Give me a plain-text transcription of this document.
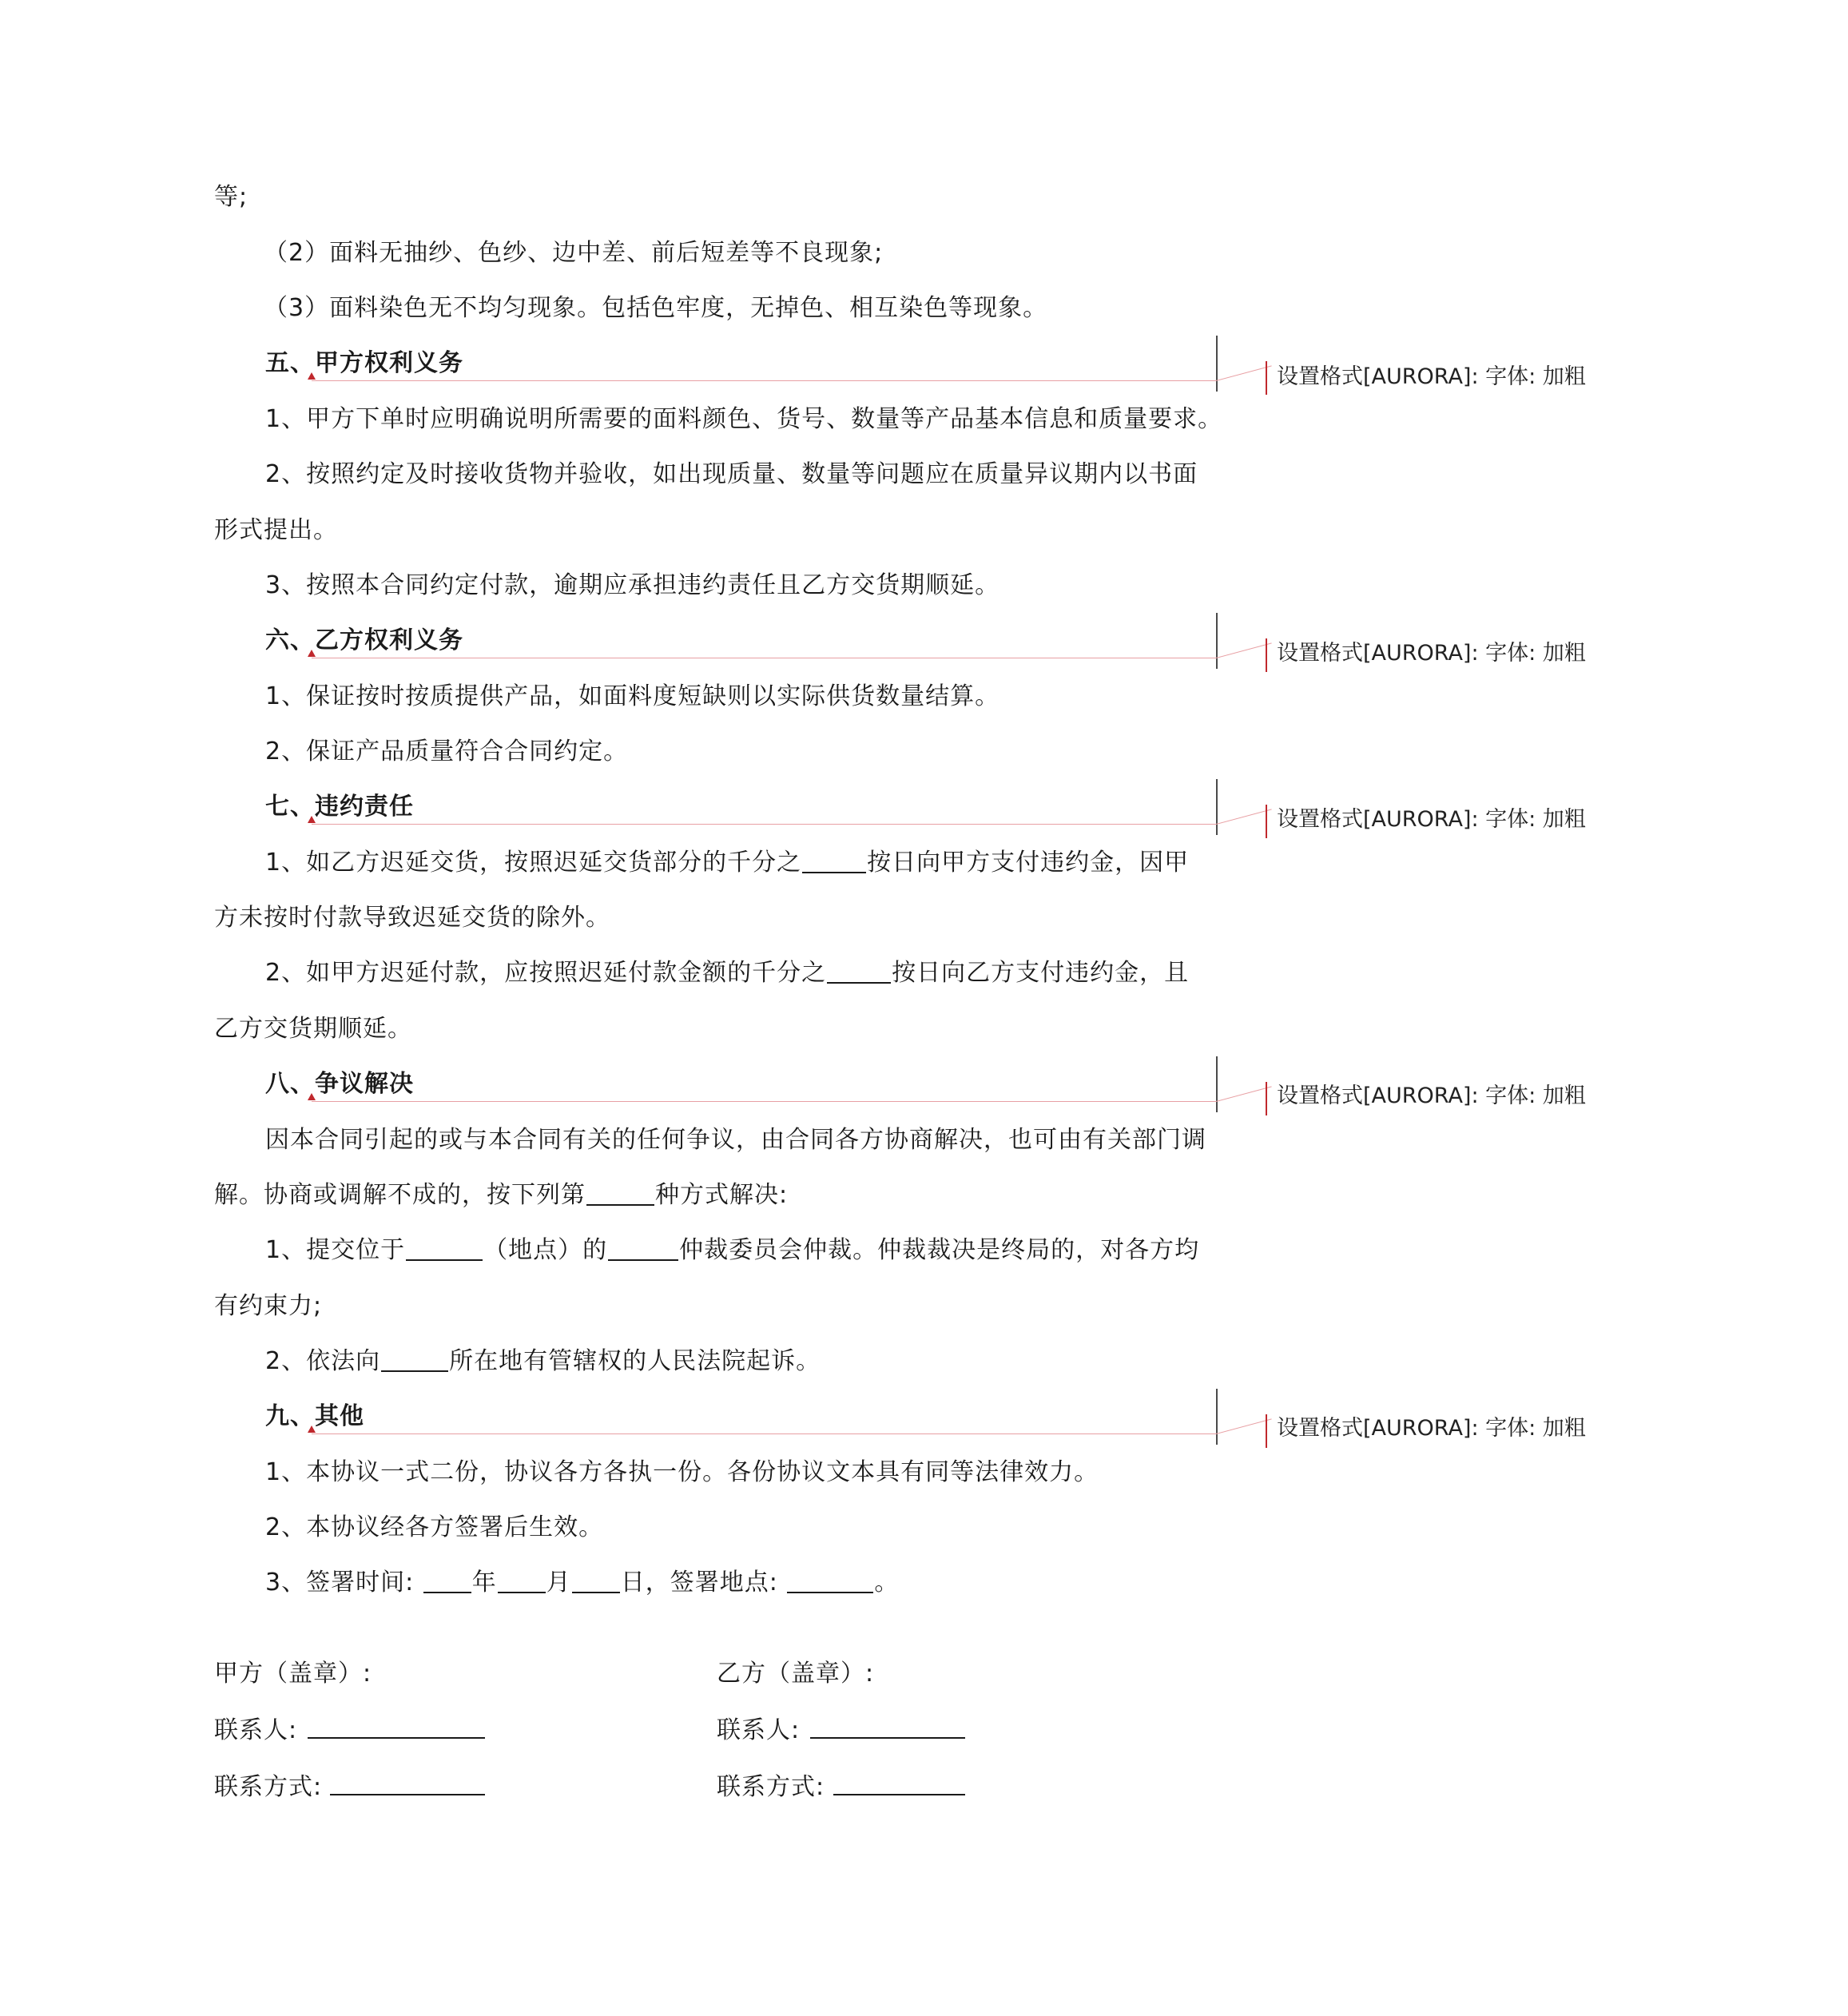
等;
（2）面料无抽纱、色纱、边中差、前后短差等不良现象;
（3）面料染色无不均匀现象。包括色牢度，无掉色、相互染色等现象。
五、甲方权利义务
1、甲方下单时应明确说明所需要的面料颜色、货号、数量等产品基本信息和质量要求。
2、按照约定及时接收货物并验收，如出现质量、数量等问题应在质量异议期内以书面
形式提出。
3、按照本合同约定付款，逾期应承担违约责任且乙方交货期顺延。
六、乙方权利义务
1、保证按时按质提供产品，如面料度短缺则以实际供货数量结算。
2、保证产品质量符合合同约定。
七、违约责任
1、如乙方迟延交货，按照迟延交货部分的千分之	按日向甲方支付违约金，因甲
方未按时付款导致迟延交货的除外。
2、如甲方迟延付款，应按照迟延付款金额的千分之	按日向乙方支付违约金，且
乙方交货期顺延。
八、争议解决
因本合同引起的或与本合同有关的任何争议，由合同各方协商解决，也可由有关部门调
解。协商或调解不成的，按下列第	种方式解决:
1、提交位于	（地点）的	仲裁委员会仲裁。仲裁裁决是终局的，对各方均
有约束力;
2、依法向	所在地有管辖权的人民法院起诉。
九、其他
1、本协议一式二份，协议各方各执一份。各份协议文本具有同等法律效力。
2、本协议经各方签署后生效。
3、签署时间: 年 月 日，签署地点:	。
甲方（盖章）:	乙方（盖章）:
联系人:	联系人:
联系方式:	联系方式:
设置格式[AURORA]: 字体: 加粗
设置格式[AURORA]: 字体: 加粗
设置格式[AURORA]: 字体: 加粗
设置格式[AURORA]: 字体: 加粗
设置格式[AURORA]: 字体: 加粗
